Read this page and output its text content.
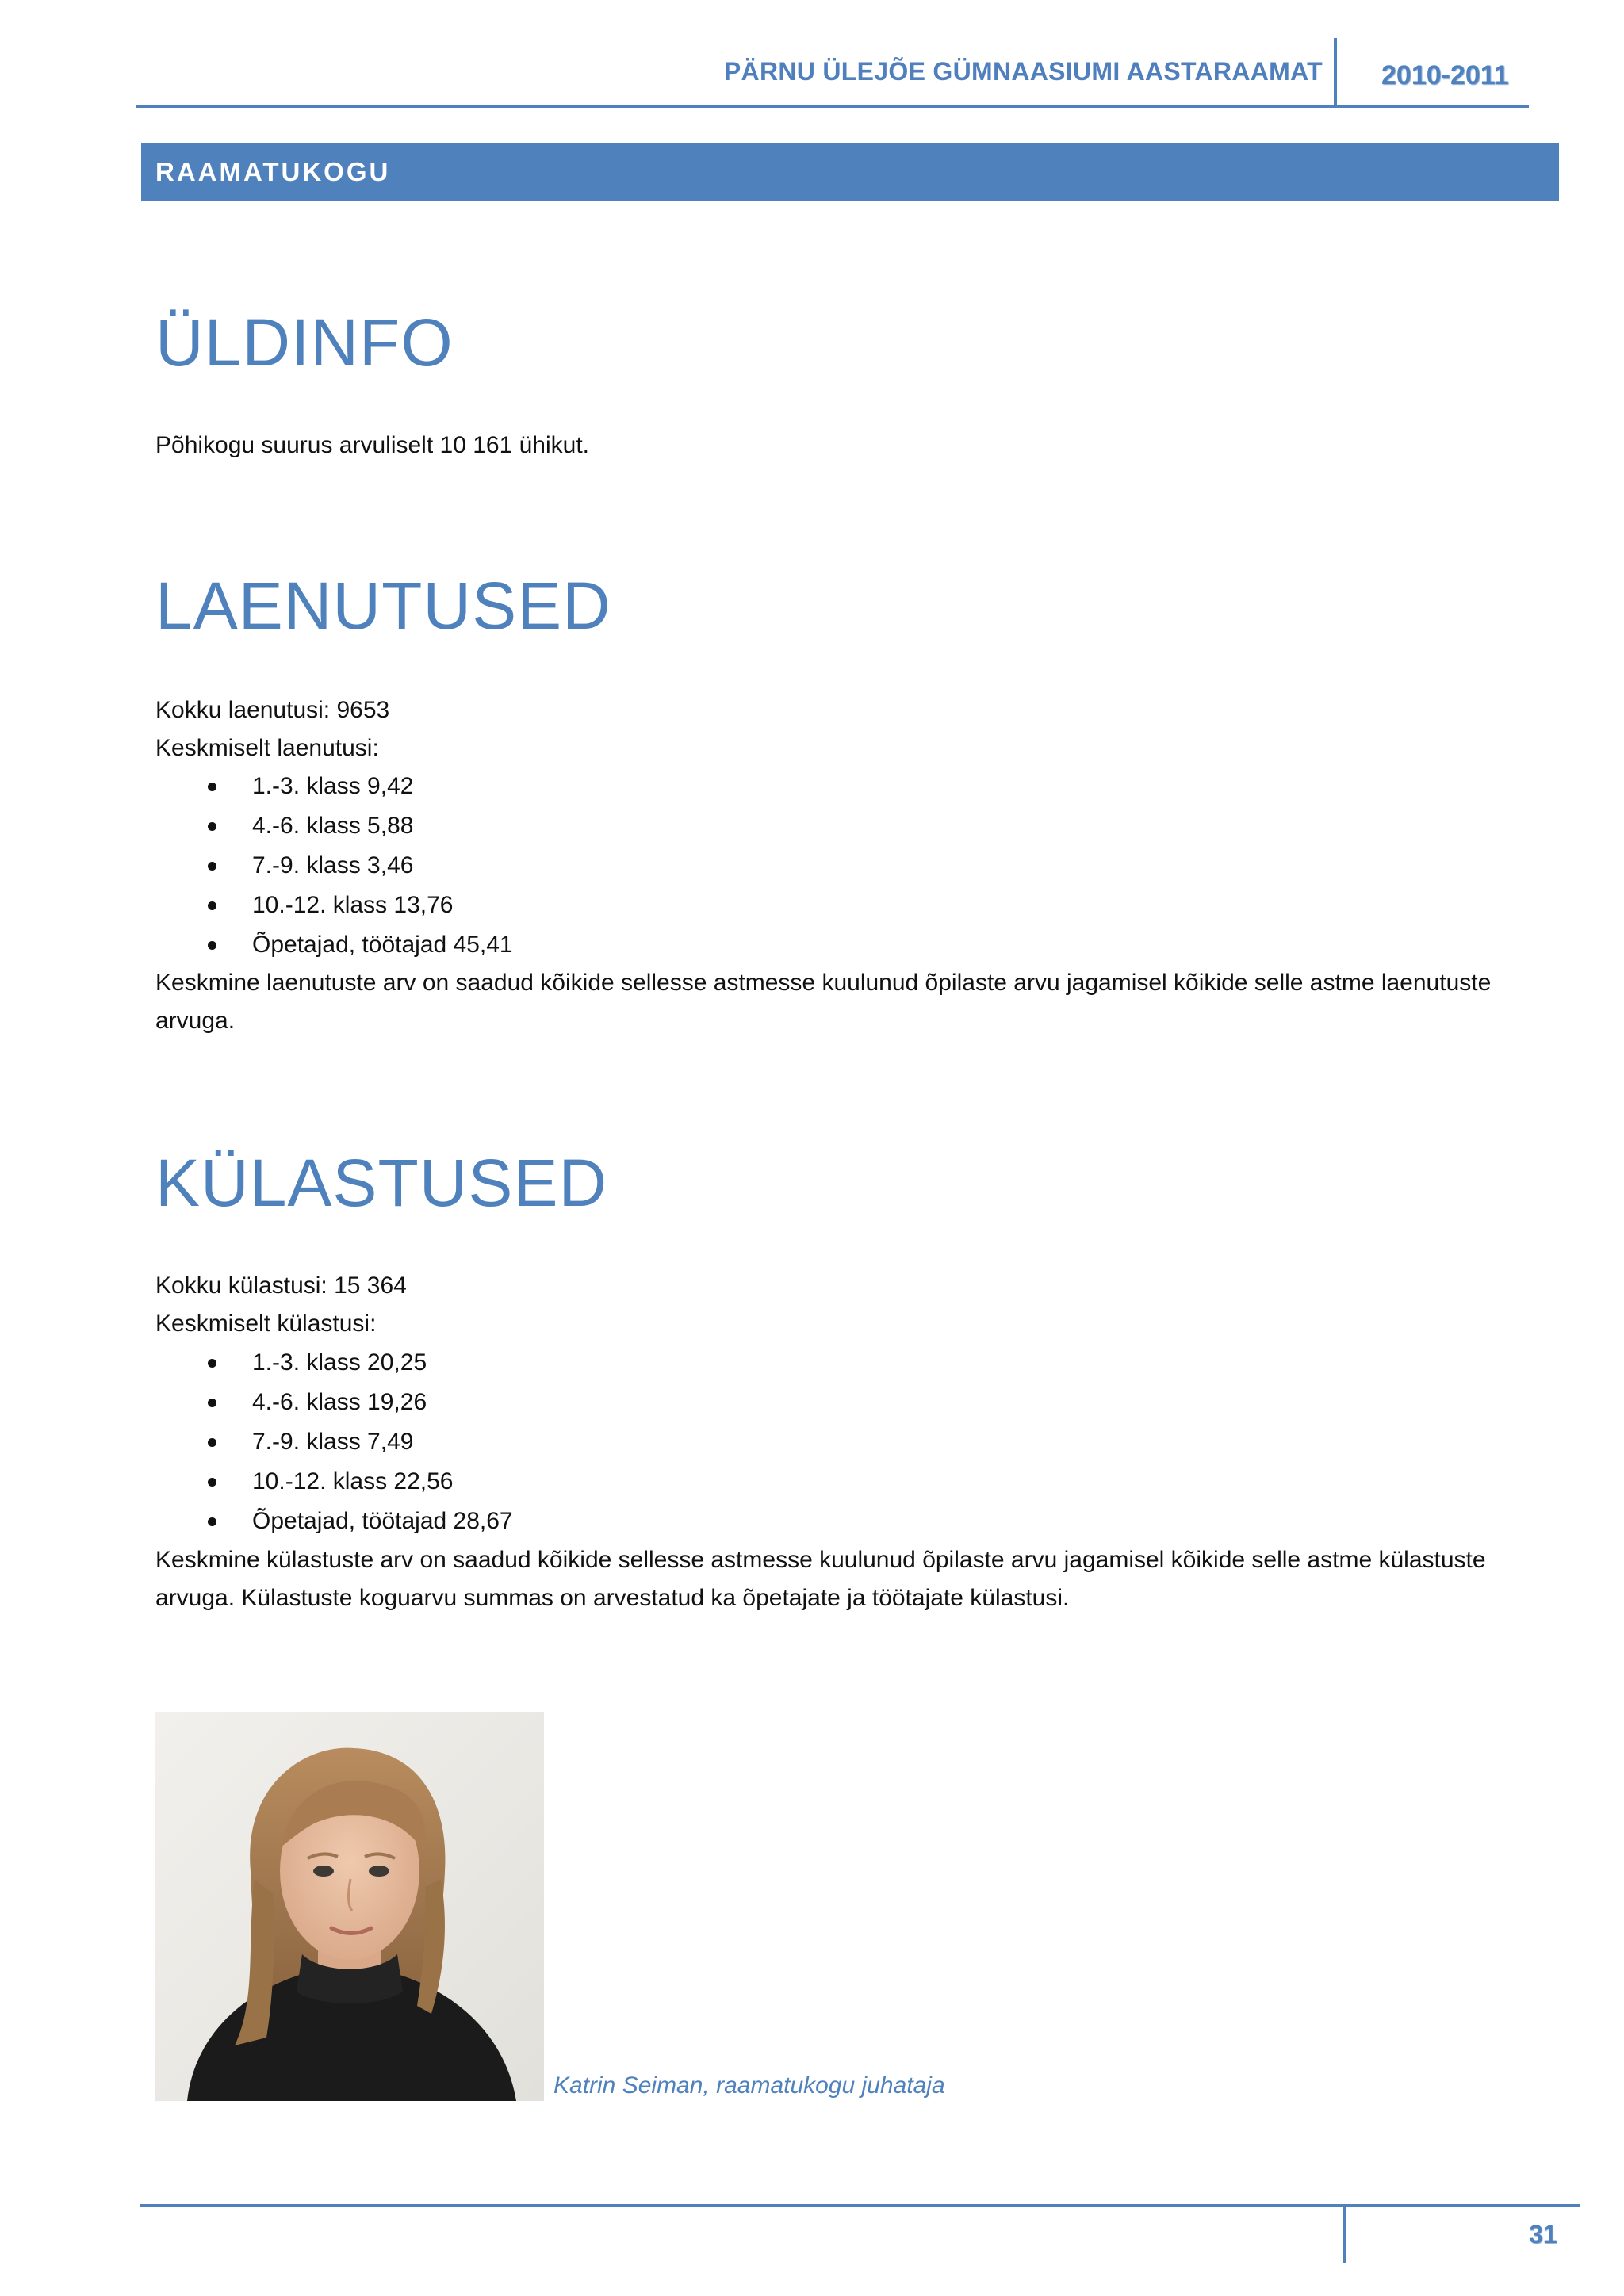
PÄRNU ÜLEJÕE GÜMNAASIUMI AASTARAAMAT 2010-2011
RAAMATUKOGU
ÜLDINFO

Põhikogu suurus arvuliselt 10 161 ühikut.

LAENUTUSED

Kokku laenutusi: 9653

Keskmiselt laenutusi:

1.-3. klass 9,42
4.-6. klass 5,88
7.-9. klass 3,46
10.-12. klass 13,76
Õpetajad, töötajad 45,41

Keskmine laenutuste arv on saadud kõikide sellesse astmesse kuulunud õpilaste arvu jagamisel kõikide selle astme laenutuste arvuga.

KÜLASTUSED

Kokku külastusi: 15 364

Keskmiselt külastusi:

1.-3. klass 20,25
4.-6. klass 19,26
7.-9. klass 7,49
10.-12. klass 22,56
Õpetajad, töötajad 28,67

Keskmine külastuste arv on saadud kõikide sellesse astmesse kuulunud õpilaste arvu jagamisel kõikide selle astme külastuste arvuga. Külastuste koguarvu summas on arvestatud ka õpetajate ja töötajate külastusi.

Katrin Seiman, raamatukogu juhataja
31
